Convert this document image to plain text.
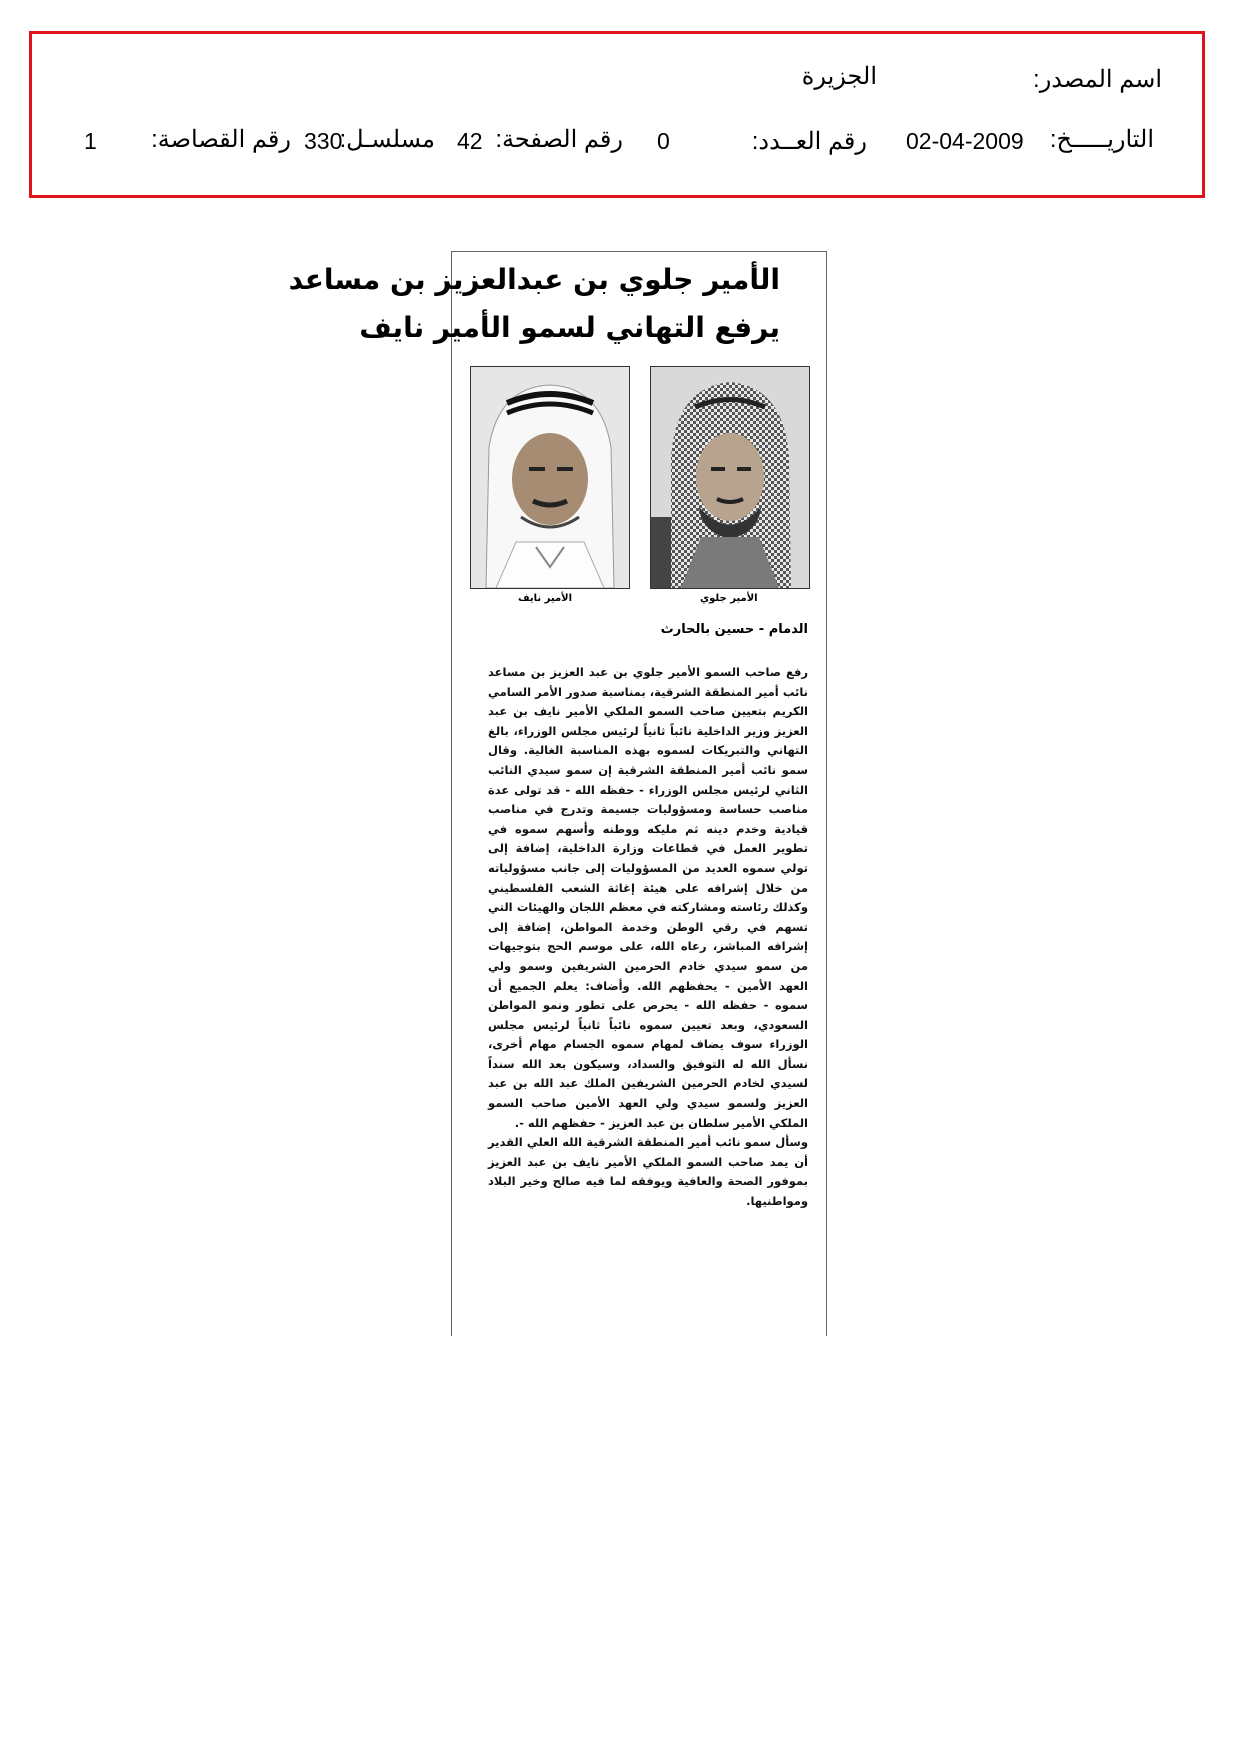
اسم المصدر:
الجزيرة
التاريـــــخ:
02-04-2009
رقم العــدد:
0
رقم الصفحة:
42
مسلسـل:
330
رقم القصاصة:
1
الأمير جلوي بن عبدالعزيز بن مساعد
يرفع التهاني لسمو الأمير نايف
الأمير جلوي
الأمير نايف
الدمام - حسين بالحارث

رفع صاحب السمو الأمير جلوي بن عبد العزيز بن مساعد نائب أمير المنطقة الشرقية، بمناسبة صدور الأمر السامي الكريم بتعيين صاحب السمو الملكي الأمير نايف بن عبد العزيز وزير الداخلية نائباً ثانياً لرئيس مجلس الوزراء، بالغ التهاني والتبريكات لسموه بهذه المناسبة الغالية. وقال سمو نائب أمير المنطقة الشرقية إن سمو سيدي النائب الثاني لرئيس مجلس الوزراء - حفظه الله - قد تولى عدة مناصب حساسة ومسؤوليات جسيمة وتدرج في مناصب قيادية وخدم دينه ثم مليكه ووطنه وأسهم سموه في تطوير العمل في قطاعات وزارة الداخلية، إضافة إلى تولي سموه العديد من المسؤوليات إلى جانب مسؤولياته من خلال إشرافه على هيئة إغاثة الشعب الفلسطيني وكذلك رئاسته ومشاركته في معظم اللجان والهيئات التي تسهم في رقي الوطن وخدمة المواطن، إضافة إلى إشرافه المباشر، رعاه الله، على موسم الحج بتوجيهات من سمو سيدي خادم الحرمين الشريفين وسمو ولي العهد الأمين - يحفظهم الله. وأضاف: يعلم الجميع أن سموه - حفظه الله - يحرص على تطور ونمو المواطن السعودي، وبعد تعيين سموه نائباً ثانياً لرئيس مجلس الوزراء سوف يضاف لمهام سموه الجسام مهام أخرى، نسأل الله له التوفيق والسداد، وسيكون بعد الله سنداً لسيدي لخادم الحرمين الشريفين الملك عبد الله بن عبد العزيز ولسمو سيدي ولي العهد الأمين صاحب السمو الملكي الأمير سلطان بن عبد العزيز - حفظهم الله -.

وسأل سمو نائب أمير المنطقة الشرقية الله العلي القدير أن يمد صاحب السمو الملكي الأمير نايف بن عبد العزيز بموفور الصحة والعافية ويوفقه لما فيه صالح وخير البلاد ومواطنيها.
